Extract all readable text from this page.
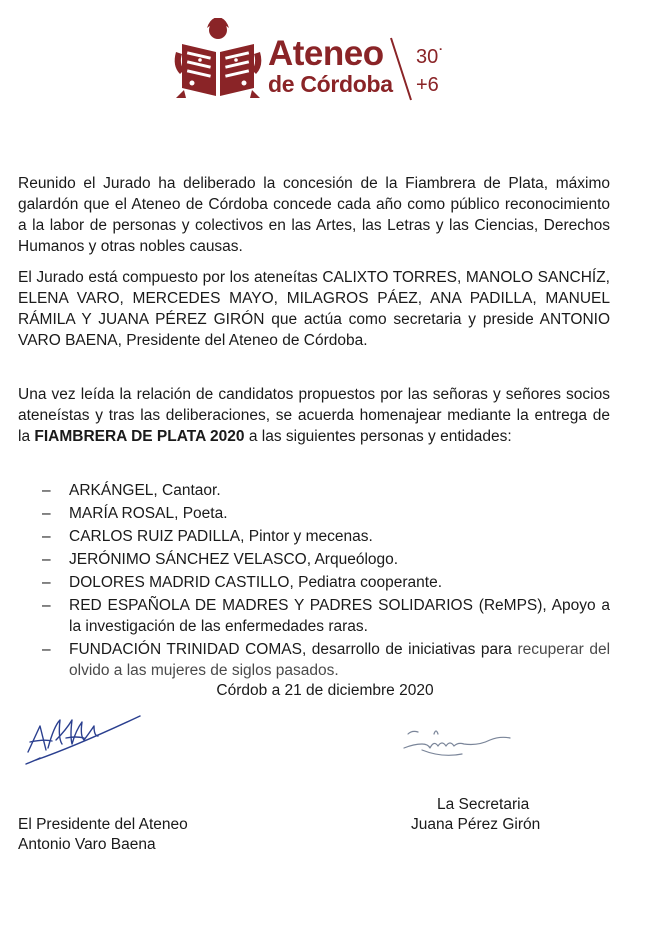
Ateneo
de Córdoba
30˙
+6

Reunido el Jurado ha deliberado la concesión de la Fiambrera de Plata, máximo galardón que el Ateneo de Córdoba concede cada año como público reconocimiento a la labor de personas y colectivos en las Artes, las Letras y las Ciencias, Derechos Humanos y otras nobles causas.

El Jurado está compuesto por los ateneítas CALIXTO TORRES, MANOLO SANCHÍZ, ELENA VARO, MERCEDES MAYO, MILAGROS PÁEZ, ANA PADILLA, MANUEL RÁMILA Y JUANA PÉREZ GIRÓN que actúa como secretaria y preside ANTONIO VARO BAENA, Presidente del Ateneo de Córdoba.

Una vez leída la relación de candidatos propuestos por las señoras y señores socios ateneístas y tras las deliberaciones, se acuerda homenajear mediante la entrega de la FIAMBRERA DE PLATA 2020 a las siguientes personas y entidades:

– ARKÁNGEL, Cantaor.
– MARÍA ROSAL, Poeta.
– CARLOS RUIZ PADILLA, Pintor y mecenas.
– JERÓNIMO SÁNCHEZ VELASCO, Arqueólogo.
– DOLORES MADRID CASTILLO, Pediatra cooperante.
– RED ESPAÑOLA DE MADRES Y PADRES SOLIDARIOS (ReMPS), Apoyo a la investigación de las enfermedades raras.
– FUNDACIÓN TRINIDAD COMAS, desarrollo de iniciativas para recuperar del olvido a las mujeres de siglos pasados.
Córdob a 21 de diciembre 2020
El Presidente del Ateneo
Antonio Varo Baena
La Secretaria
Juana Pérez Girón
